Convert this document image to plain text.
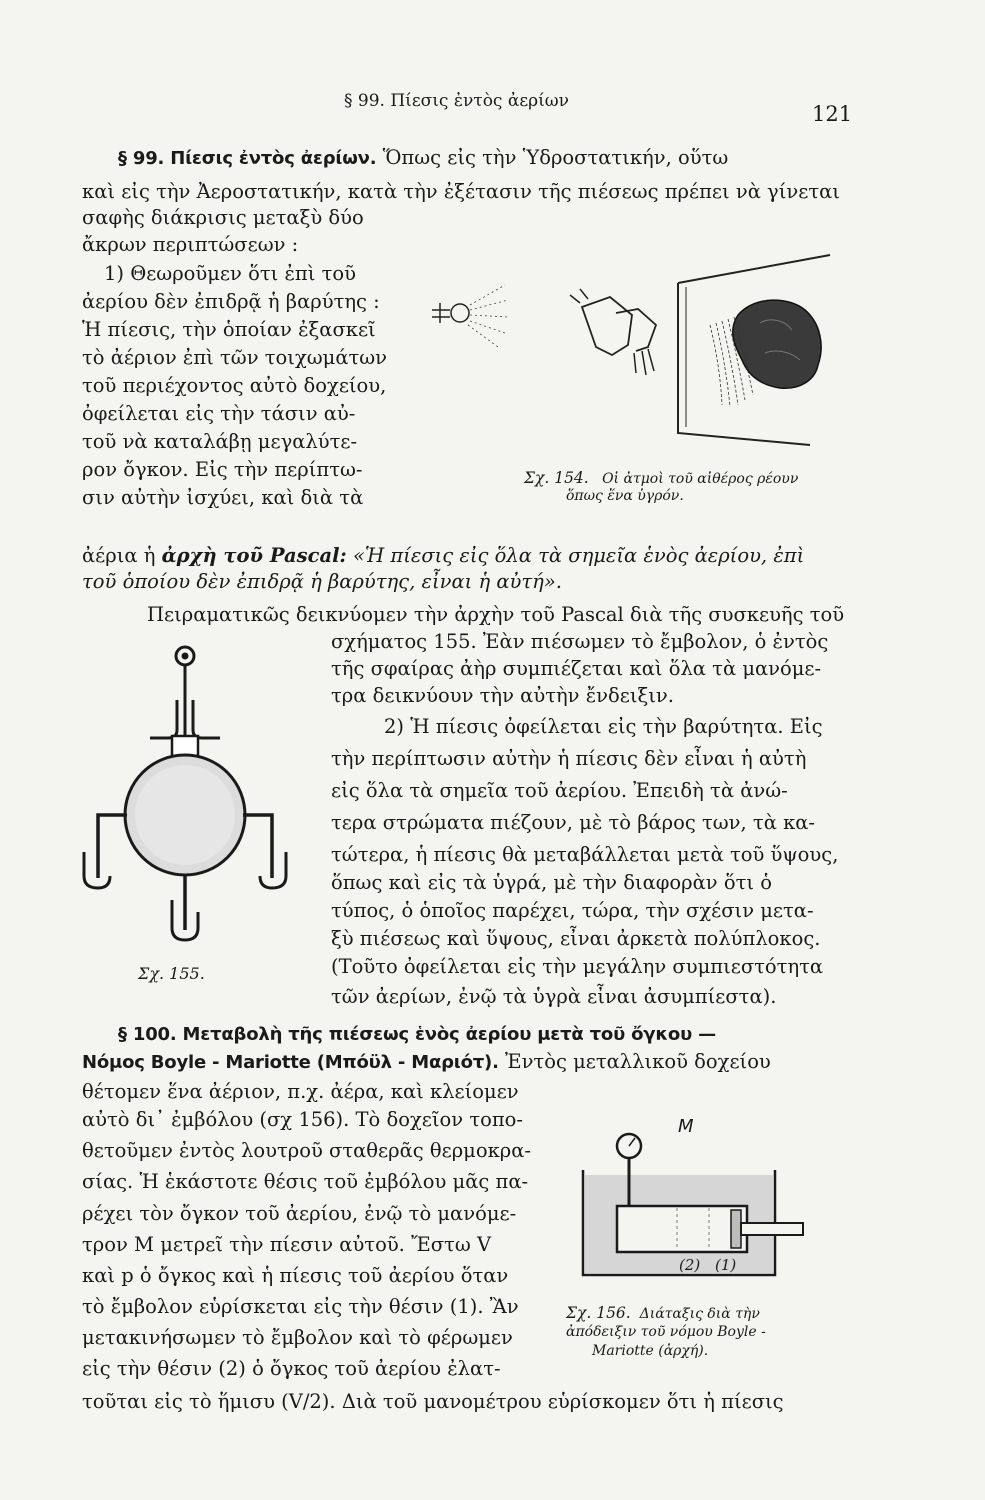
§ 99. Πίεσις ἐντὸς ἀερίων
121
§ 99. Πίεσις ἐντὸς ἀερίων. Ὅπως εἰς τὴν Ὑδροστατικήν, οὕτω
καὶ εἰς τὴν Ἀεροστατικήν, κατὰ τὴν ἐξέτασιν τῆς πιέσεως πρέπει νὰ γίνεται
σαφὴς διάκρισις μεταξὺ δύο
ἄκρων περιπτώσεων :
1) Θεωροῦμεν ὅτι ἐπὶ τοῦ
ἀερίου δὲν ἐπιδρᾷ ἡ βαρύτης :
Ἡ πίεσις, τὴν ὁποίαν ἐξασκεῖ
τὸ ἀέριον ἐπὶ τῶν τοιχωμάτων
τοῦ περιέχοντος αὐτὸ δοχείου,
ὀφείλεται εἰς τὴν τάσιν αὐ-
τοῦ νὰ καταλάβῃ μεγαλύτε-
ρον ὄγκον. Εἰς τὴν περίπτω-
σιν αὐτὴν ἰσχύει, καὶ διὰ τὰ
Σχ. 154. Οἱ ἀτμοὶ τοῦ αἰθέρος ρέουν
ὅπως ἕνα ὑγρόν.
ἀέρια ἡ ἀρχὴ τοῦ Pascal: «Ἡ πίεσις εἰς ὅλα τὰ σημεῖα ἑνὸς ἀερίου, ἐπὶ
τοῦ ὁποίου δὲν ἐπιδρᾷ ἡ βαρύτης, εἶναι ἡ αὐτή».
Πειραματικῶς δεικνύομεν τὴν ἀρχὴν τοῦ Pascal διὰ τῆς συσκευῆς τοῦ
σχήματος 155. Ἐὰν πιέσωμεν τὸ ἔμβολον, ὁ ἐντὸς
τῆς σφαίρας ἀὴρ συμπιέζεται καὶ ὅλα τὰ μανόμε-
τρα δεικνύουν τὴν αὐτὴν ἔνδειξιν.
2) Ἡ πίεσις ὀφείλεται εἰς τὴν βαρύτητα. Εἰς
τὴν περίπτωσιν αὐτὴν ἡ πίεσις δὲν εἶναι ἡ αὐτὴ
εἰς ὅλα τὰ σημεῖα τοῦ ἀερίου. Ἐπειδὴ τὰ ἀνώ-
τερα στρώματα πιέζουν, μὲ τὸ βάρος των, τὰ κα-
τώτερα, ἡ πίεσις θὰ μεταβάλλεται μετὰ τοῦ ὕψους,
ὅπως καὶ εἰς τὰ ὑγρά, μὲ τὴν διαφορὰν ὅτι ὁ
τύπος, ὁ ὁποῖος παρέχει, τώρα, τὴν σχέσιν μετα-
ξὺ πιέσεως καὶ ὕψους, εἶναι ἀρκετὰ πολύπλοκος.
(Τοῦτο ὀφείλεται εἰς τὴν μεγάλην συμπιεστότητα
τῶν ἀερίων, ἐνῷ τὰ ὑγρὰ εἶναι ἀσυμπίεστα).
Σχ. 155.
§ 100. Μεταβολὴ τῆς πιέσεως ἑνὸς ἀερίου μετὰ τοῦ ὄγκου —
Νόμος Boyle - Mariotte (Μπόϋλ - Μαριότ). Ἐντὸς μεταλλικοῦ δοχείου
θέτομεν ἕνα ἀέριον, π.χ. ἀέρα, καὶ κλείομεν
αὐτὸ δι᾿ ἐμβόλου (σχ 156). Τὸ δοχεῖον τοπο-
θετοῦμεν ἐντὸς λουτροῦ σταθερᾶς θερμοκρα-
σίας. Ἡ ἑκάστοτε θέσις τοῦ ἐμβόλου μᾶς πα-
ρέχει τὸν ὄγκον τοῦ ἀερίου, ἐνῷ τὸ μανόμε-
τρον M μετρεῖ τὴν πίεσιν αὐτοῦ. Ἔστω V
καὶ p ὁ ὄγκος καὶ ἡ πίεσις τοῦ ἀερίου ὅταν
τὸ ἔμβολον εὑρίσκεται εἰς τὴν θέσιν (1). Ἂν
μετακινήσωμεν τὸ ἔμβολον καὶ τὸ φέρωμεν
εἰς τὴν θέσιν (2) ὁ ὄγκος τοῦ ἀερίου ἐλατ-
τοῦται εἰς τὸ ἥμισυ (V/2). Διὰ τοῦ μανομέτρου εὑρίσκομεν ὅτι ἡ πίεσις
M
(2) (1)
Σχ. 156. Διάταξις διὰ τὴν
ἀπόδειξιν τοῦ νόμου Boyle -
Mariotte (ἀρχή).
